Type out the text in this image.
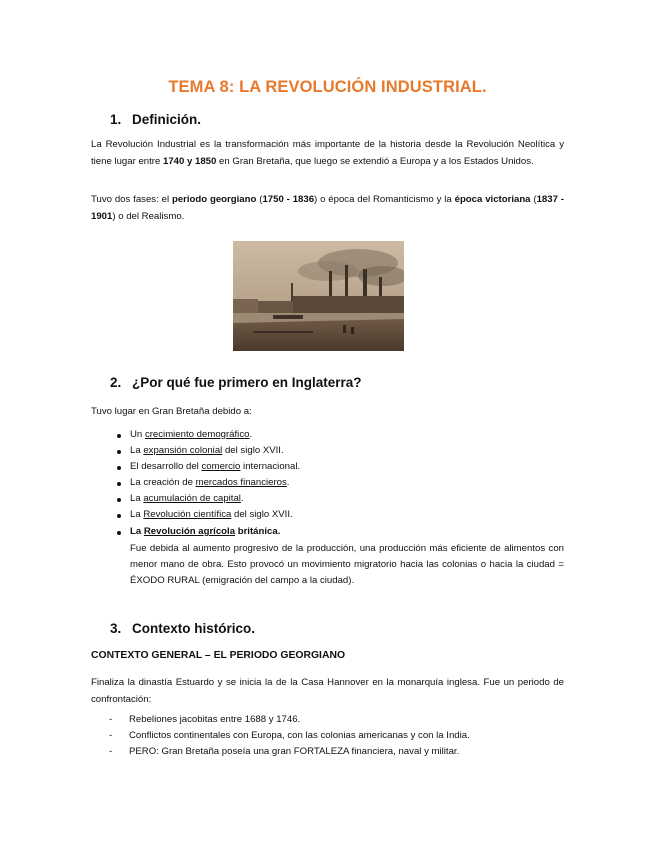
TEMA 8: LA REVOLUCIÓN INDUSTRIAL.
1. Definición.

La Revolución Industrial es la transformación más importante de la historia desde la Revolución Neolítica y tiene lugar entre 1740 y 1850 en Gran Bretaña, que luego se extendió a Europa y a los Estados Unidos.

Tuvo dos fases: el periodo georgiano (1750 - 1836) o época del Romanticismo y la época victoriana (1837 - 1901) o del Realismo.

2. ¿Por qué fue primero en Inglaterra?

Tuvo lugar en Gran Bretaña debido a:

Un crecimiento demográfico.
La expansión colonial del siglo XVII.
El desarrollo del comercio internacional.
La creación de mercados financieros.
La acumulación de capital.
La Revolución científica del siglo XVII.
La Revolución agrícola británica.

Fue debida al aumento progresivo de la producción, una producción más eficiente de alimentos con menor mano de obra. Esto provocó un movimiento migratorio hacia las colonias o hacia la ciudad = ÉXODO RURAL (emigración del campo a la ciudad).

3. Contexto histórico.

CONTEXTO GENERAL – EL PERIODO GEORGIANO

Finaliza la dinastía Estuardo y se inicia la de la Casa Hannover en la monarquía inglesa. Fue un periodo de confrontación:

- Rebeliones jacobitas entre 1688 y 1746.
- Conflictos continentales con Europa, con las colonias americanas y con la India.
- PERO: Gran Bretaña poseía una gran FORTALEZA financiera, naval y militar.
